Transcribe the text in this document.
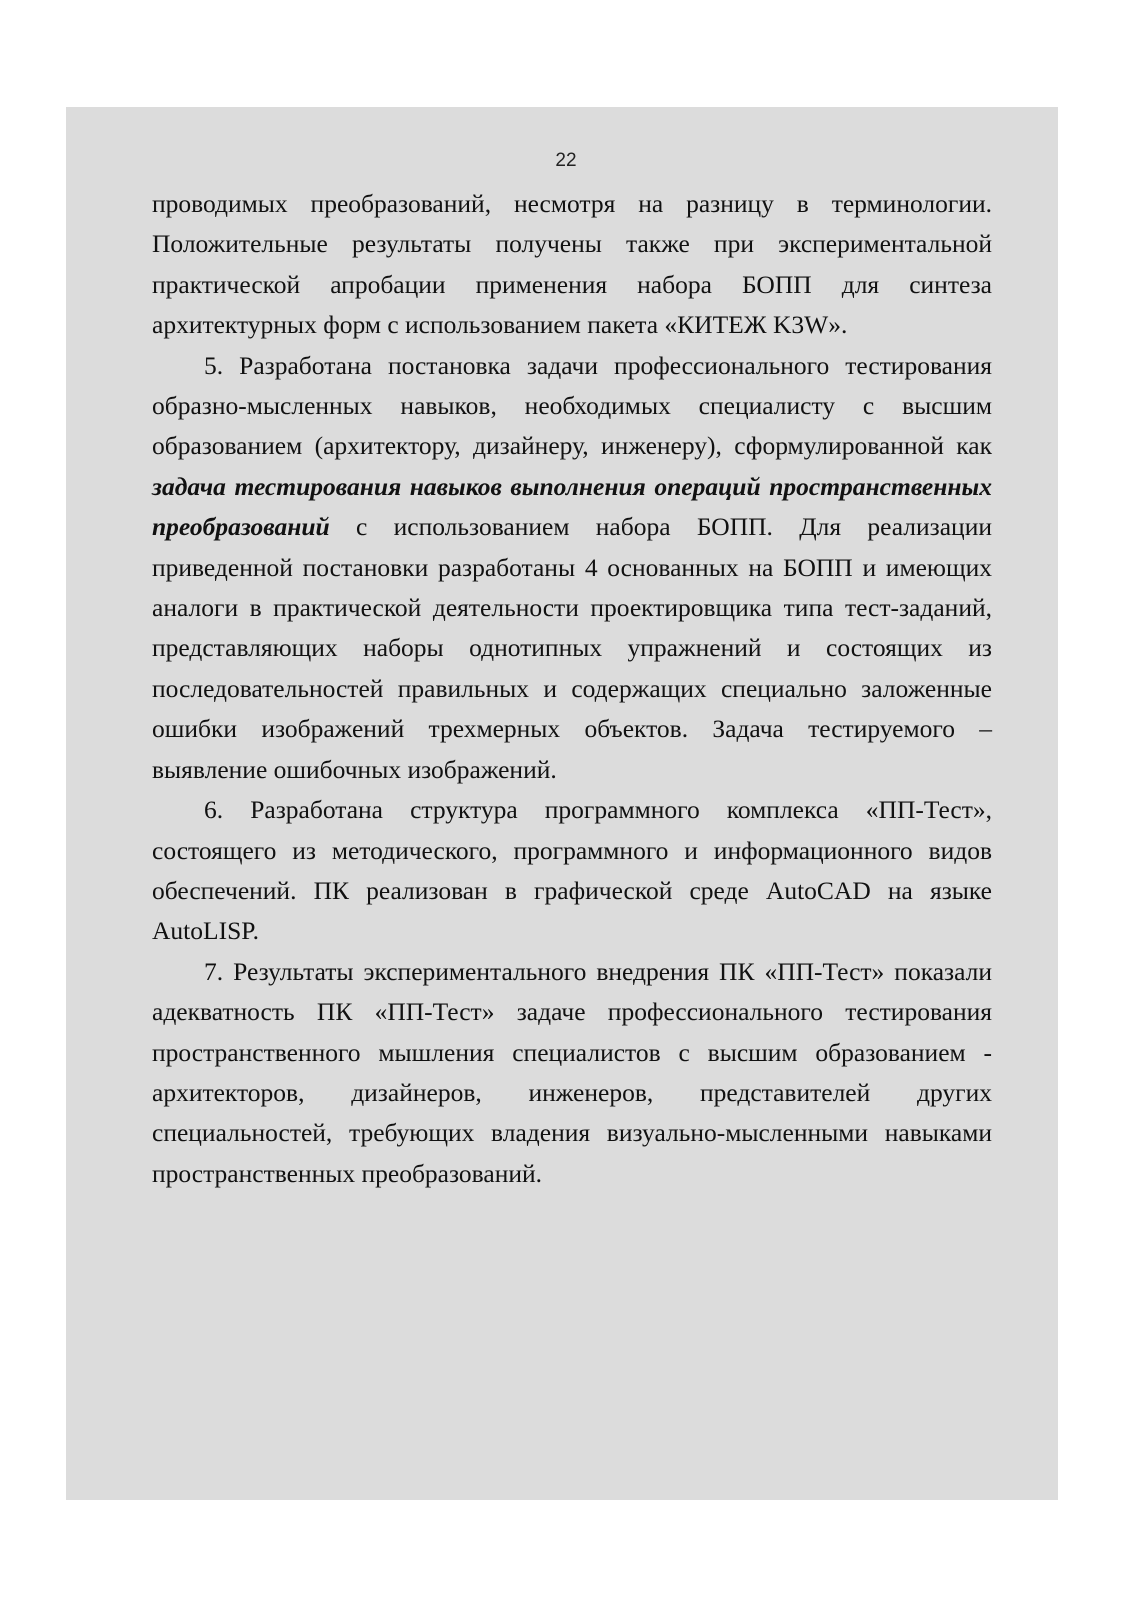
22

проводимых преобразований, несмотря на разницу в терминологии. Положительные результаты получены также при экспериментальной практической апробации применения набора БОПП для синтеза архитектурных форм с использованием пакета «КИТЕЖ K3W».

5. Разработана постановка задачи профессионального тестирования образно-мысленных навыков, необходимых специалисту с высшим образованием (архитектору, дизайнеру, инженеру), сформулированной как задача тестирования навыков выполнения операций пространственных преобразований с использованием набора БОПП. Для реализации приведенной постановки разработаны 4 основанных на БОПП и имеющих аналоги в практической деятельности проектировщика типа тест-заданий, представляющих наборы однотипных упражнений и состоящих из последовательностей правильных и содержащих специально заложенные ошибки изображений трехмерных объектов. Задача тестируемого – выявление ошибочных изображений.

6. Разработана структура программного комплекса «ПП-Тест», состоящего из методического, программного и информационного видов обеспечений. ПК реализован в графической среде AutoCAD на языке AutoLISP.

7. Результаты экспериментального внедрения ПК «ПП-Тест» показали адекватность ПК «ПП-Тест» задаче профессионального тестирования пространственного мышления специалистов с высшим образованием - архитекторов, дизайнеров, инженеров, представителей других специальностей, требующих владения визуально-мысленными навыками пространственных преобразований.
